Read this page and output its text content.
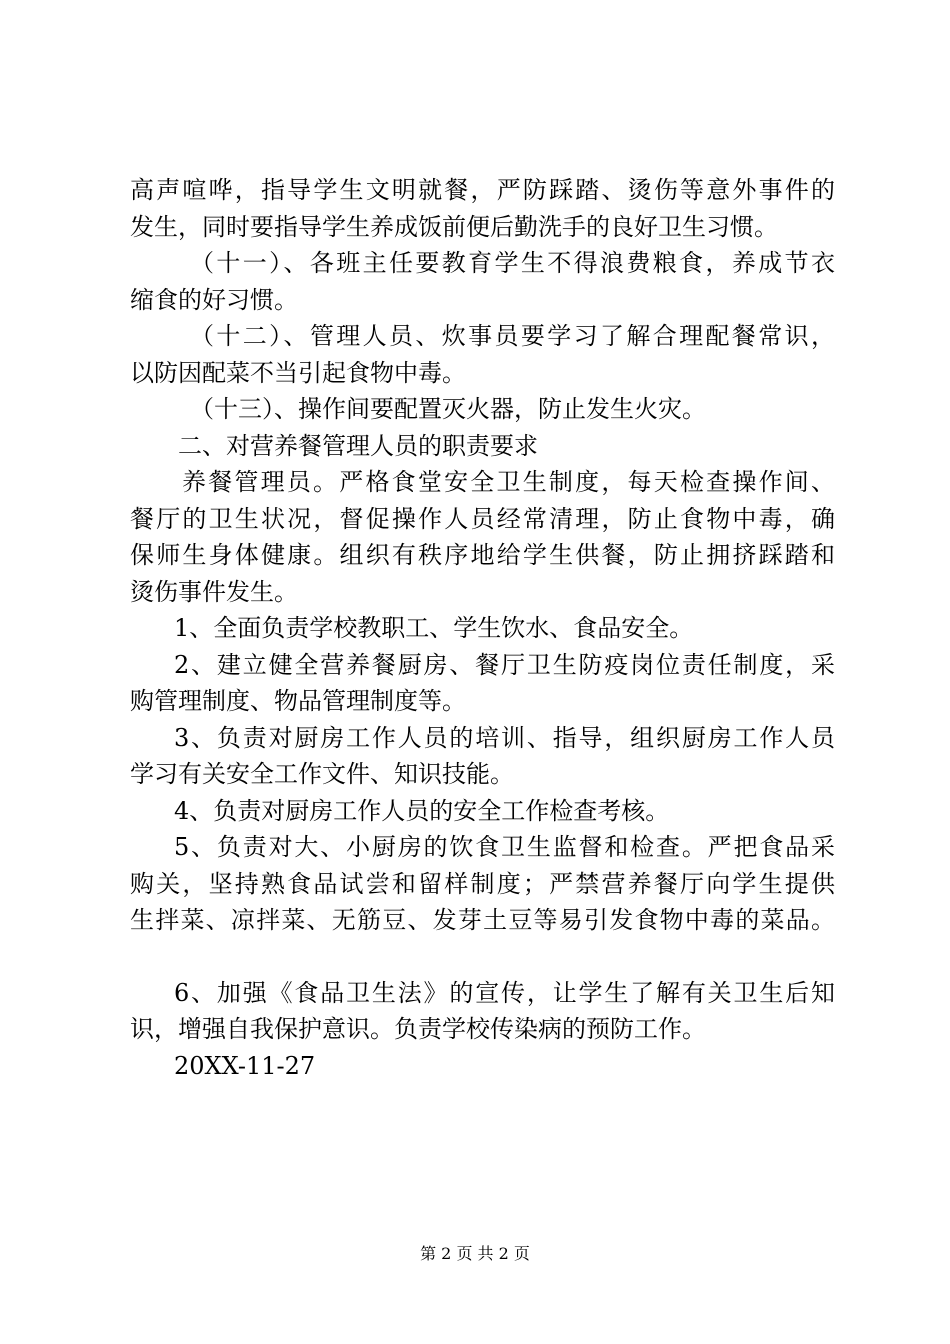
高声喧哗，指导学生文明就餐，严防踩踏、烫伤等意外事件的
发生，同时要指导学生养成饭前便后勤洗手的良好卫生习惯。
（十一）、各班主任要教育学生不得浪费粮食，养成节衣
缩食的好习惯。
（十二）、管理人员、炊事员要学习了解合理配餐常识，
以防因配菜不当引起食物中毒。
（十三）、操作间要配置灭火器，防止发生火灾。
二、对营养餐管理人员的职责要求
养餐管理员。严格食堂安全卫生制度，每天检查操作间、
餐厅的卫生状况，督促操作人员经常清理，防止食物中毒，确
保师生身体健康。组织有秩序地给学生供餐，防止拥挤踩踏和
烫伤事件发生。
1、全面负责学校教职工、学生饮水、食品安全。
2、建立健全营养餐厨房、餐厅卫生防疫岗位责任制度，采
购管理制度、物品管理制度等。
3、负责对厨房工作人员的培训、指导，组织厨房工作人员
学习有关安全工作文件、知识技能。
4、负责对厨房工作人员的安全工作检查考核。
5、负责对大、小厨房的饮食卫生监督和检查。严把食品采
购关，坚持熟食品试尝和留样制度；严禁营养餐厅向学生提供
生拌菜、凉拌菜、无筋豆、发芽土豆等易引发食物中毒的菜品。
6、加强《食品卫生法》的宣传，让学生了解有关卫生后知
识，增强自我保护意识。负责学校传染病的预防工作。
20XX-11-27
第 2 页 共 2 页
